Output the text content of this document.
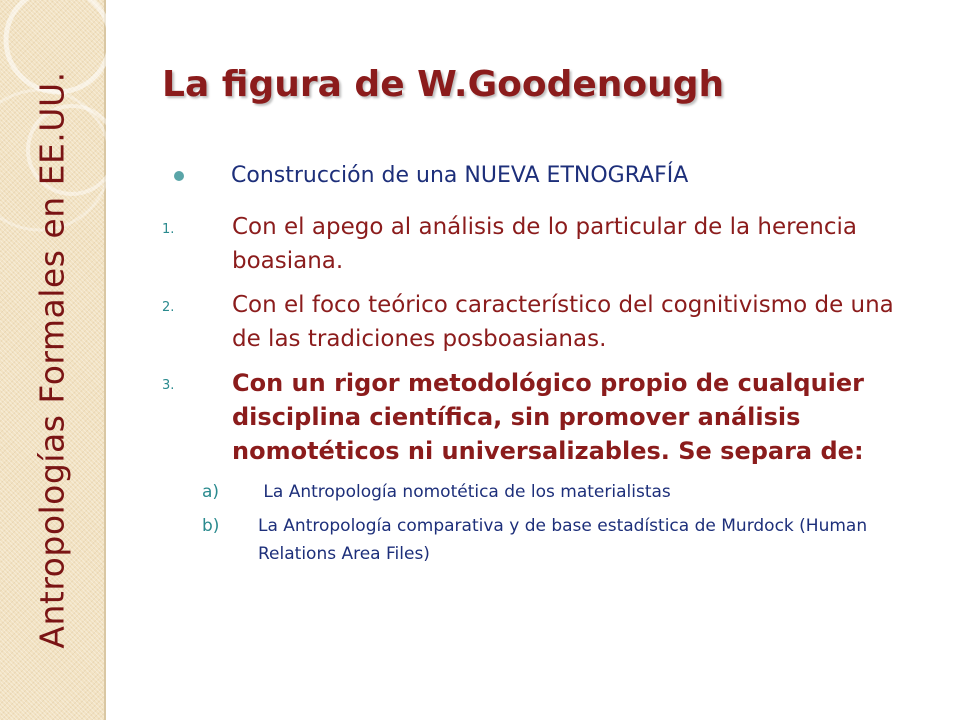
Antropologías Formales en EE.UU.	La figura de W.Goodenough
Construcción de una NUEVA ETNOGRAFÍA
1.	Con el apego al análisis de lo particular de la herencia boasiana.
2.	Con el foco teórico característico del cognitivismo de una de las tradiciones posboasianas.
3.	Con un rigor metodológico propio de cualquier disciplina científica, sin promover análisis nomotéticos ni universalizables. Se separa de:
a)	La Antropología nomotética de los materialistas
b)	La Antropología comparativa y de base estadística de Murdock (Human Relations Area Files)
